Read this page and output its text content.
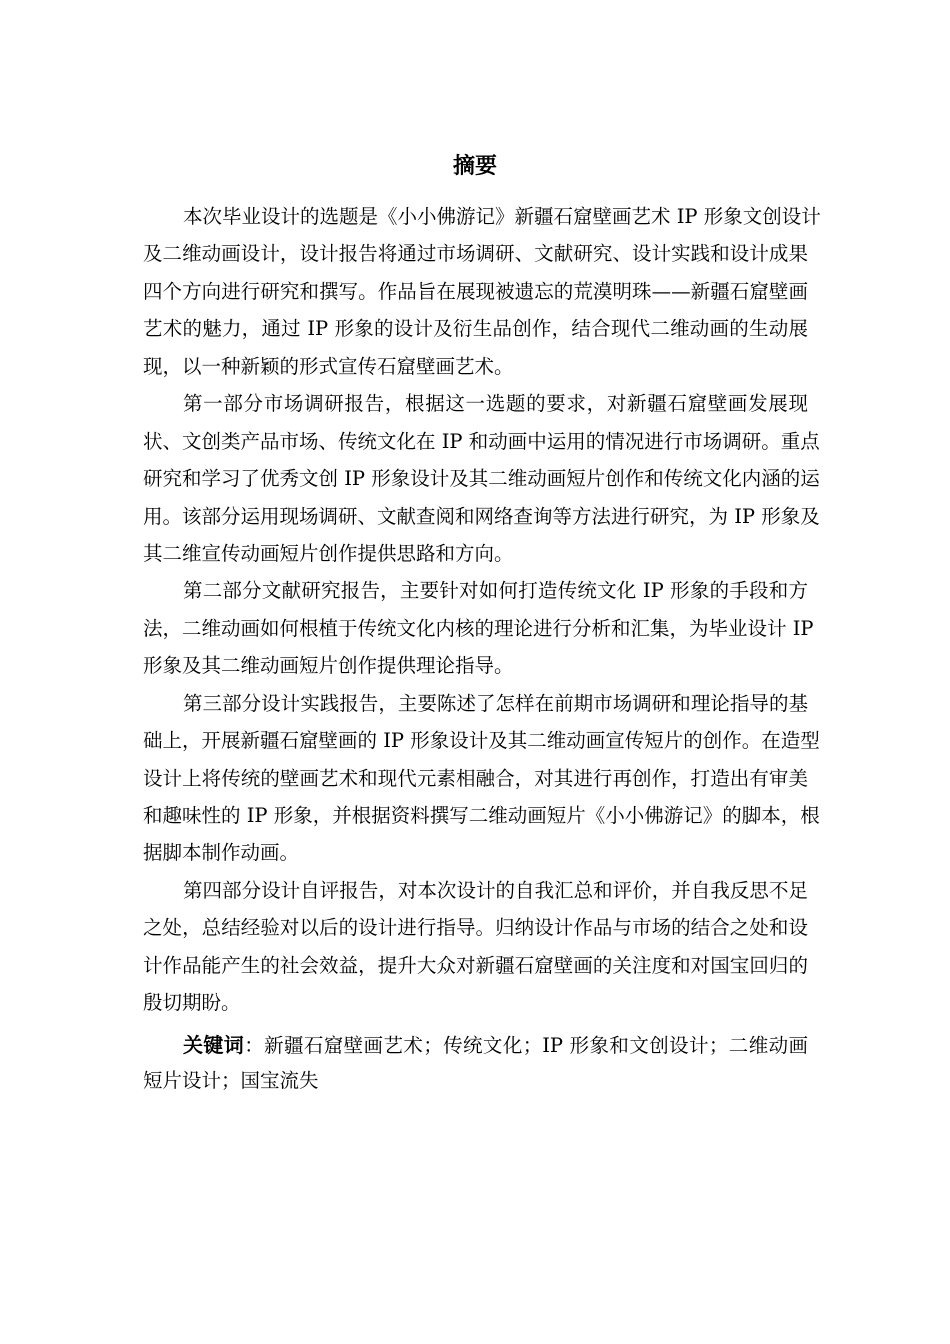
摘要
本次毕业设计的选题是《小小佛游记》新疆石窟壁画艺术 IP 形象文创设计
及二维动画设计，设计报告将通过市场调研、文献研究、设计实践和设计成果
四个方向进行研究和撰写。作品旨在展现被遗忘的荒漠明珠——新疆石窟壁画
艺术的魅力，通过 IP 形象的设计及衍生品创作，结合现代二维动画的生动展
现，以一种新颖的形式宣传石窟壁画艺术。
第一部分市场调研报告，根据这一选题的要求，对新疆石窟壁画发展现
状、文创类产品市场、传统文化在 IP 和动画中运用的情况进行市场调研。重点
研究和学习了优秀文创 IP 形象设计及其二维动画短片创作和传统文化内涵的运
用。该部分运用现场调研、文献查阅和网络查询等方法进行研究，为 IP 形象及
其二维宣传动画短片创作提供思路和方向。
第二部分文献研究报告，主要针对如何打造传统文化 IP 形象的手段和方
法，二维动画如何根植于传统文化内核的理论进行分析和汇集，为毕业设计 IP
形象及其二维动画短片创作提供理论指导。
第三部分设计实践报告，主要陈述了怎样在前期市场调研和理论指导的基
础上，开展新疆石窟壁画的 IP 形象设计及其二维动画宣传短片的创作。在造型
设计上将传统的壁画艺术和现代元素相融合，对其进行再创作，打造出有审美
和趣味性的 IP 形象，并根据资料撰写二维动画短片《小小佛游记》的脚本，根
据脚本制作动画。
第四部分设计自评报告，对本次设计的自我汇总和评价，并自我反思不足
之处，总结经验对以后的设计进行指导。归纳设计作品与市场的结合之处和设
计作品能产生的社会效益，提升大众对新疆石窟壁画的关注度和对国宝回归的
殷切期盼。
关键词：新疆石窟壁画艺术；传统文化；IP 形象和文创设计；二维动画
短片设计；国宝流失
